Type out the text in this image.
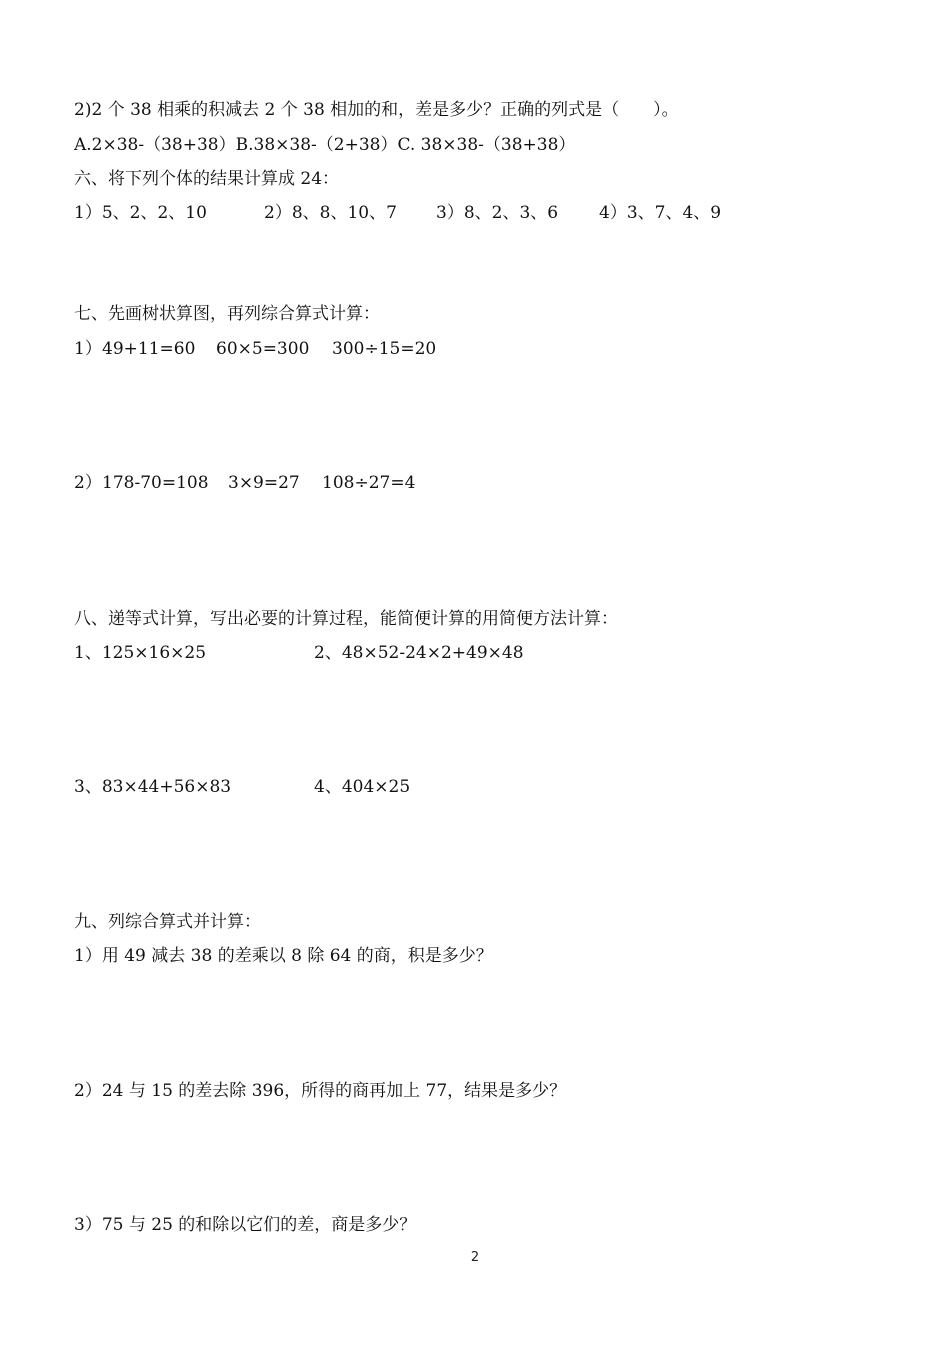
2)2 个 38 相乘的积减去 2 个 38 相加的和，差是多少？正确的列式是（　　）。
A.2×38-（38+38）B.38×38-（2+38）C. 38×38-（38+38）
六、将下列个体的结果计算成 24：
1）5、2、2、10	2）8、8、10、7 3）8、2、3、6 4）3、7、4、9
七、先画树状算图，再列综合算式计算：
1） 49+11=60 60×5=300 300÷15=20
2） 178-70=108 3×9=27 108÷27=4
八、递等式计算，写出必要的计算过程，能简便计算的用简便方法计算：
1、125×16×25	2、48×52-24×2+49×48
3、83×44+56×83	4、404×25
九、列综合算式并计算：
1）用 49 减去 38 的差乘以 8 除 64 的商，积是多少？
2）24 与 15 的差去除 396，所得的商再加上 77，结果是多少？
3）75 与 25 的和除以它们的差，商是多少？
2
